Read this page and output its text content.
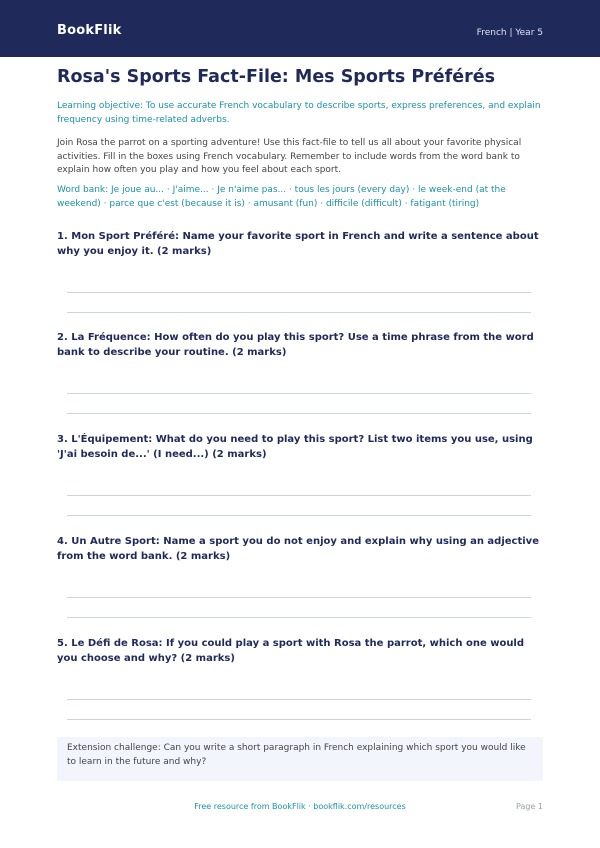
BookFlik	French | Year 5
Rosa's Sports Fact-File: Mes Sports Préférés
Learning objective: To use accurate French vocabulary to describe sports, express preferences, and explain frequency using time-related adverbs.
Join Rosa the parrot on a sporting adventure! Use this fact-file to tell us all about your favorite physical activities. Fill in the boxes using French vocabulary. Remember to include words from the word bank to explain how often you play and how you feel about each sport.
Word bank: Je joue au... · J'aime... · Je n'aime pas... · tous les jours (every day) · le week-end (at the weekend) · parce que c'est (because it is) · amusant (fun) · difficile (difficult) · fatigant (tiring)
1. Mon Sport Préféré: Name your favorite sport in French and write a sentence about why you enjoy it. (2 marks)
2. La Fréquence: How often do you play this sport? Use a time phrase from the word bank to describe your routine. (2 marks)
3. L'Équipement: What do you need to play this sport? List two items you use, using 'J'ai besoin de...' (I need...) (2 marks)
4. Un Autre Sport: Name a sport you do not enjoy and explain why using an adjective from the word bank. (2 marks)
5. Le Défi de Rosa: If you could play a sport with Rosa the parrot, which one would you choose and why? (2 marks)
Extension challenge: Can you write a short paragraph in French explaining which sport you would like to learn in the future and why?
Free resource from BookFlik · bookflik.com/resources	Page 1
